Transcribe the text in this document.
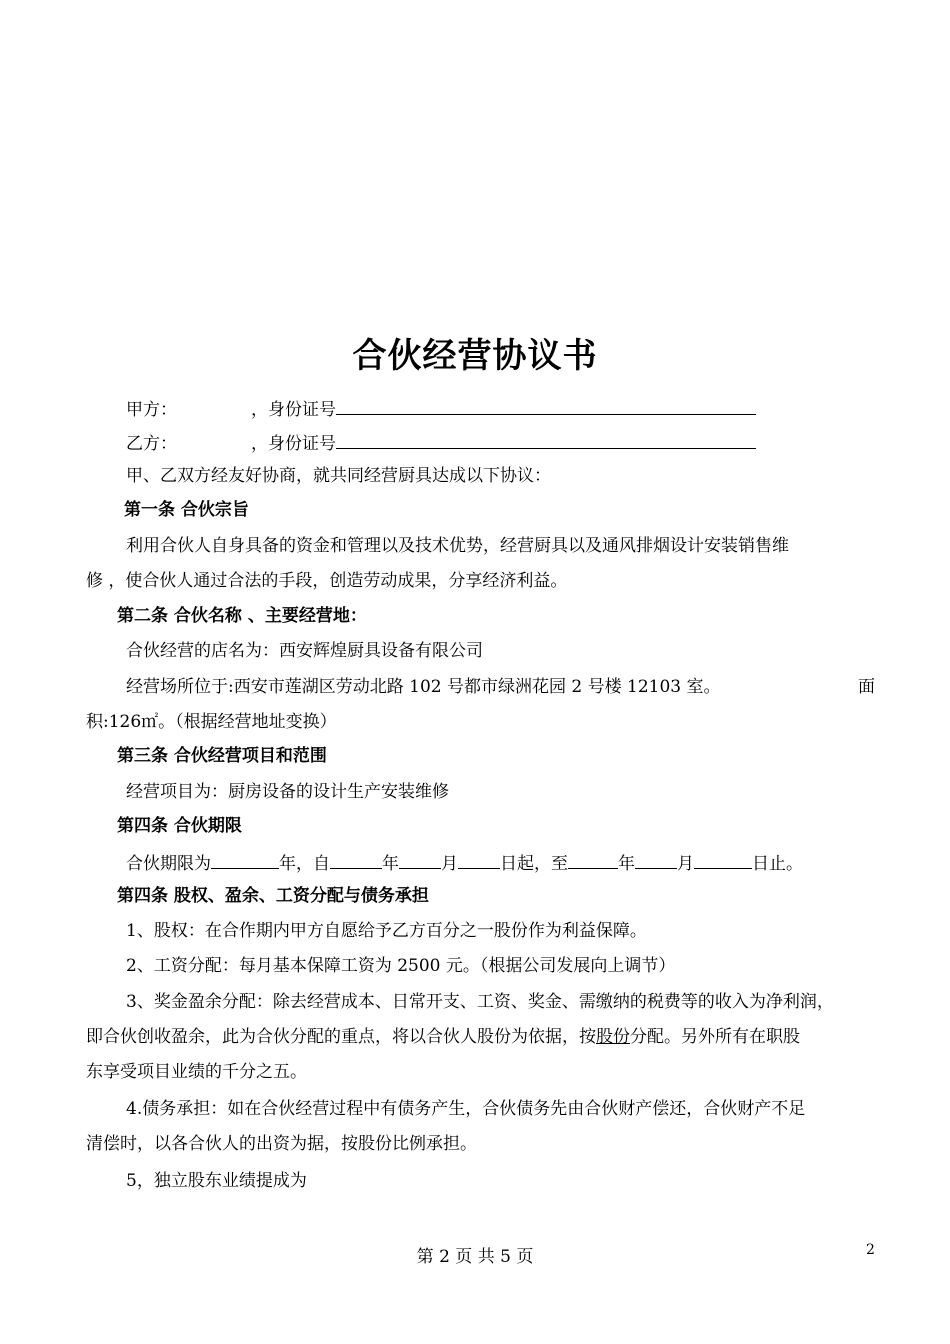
合伙经营协议书
甲方：	，身份证号
乙方：	，身份证号
甲、乙双方经友好协商，就共同经营厨具达成以下协议：
第一条 合伙宗旨
利用合伙人自身具备的资金和管理以及技术优势，经营厨具以及通风排烟设计安装销售维
修 ，使合伙人通过合法的手段，创造劳动成果，分享经济利益。
第二条 合伙名称 、主要经营地：
合伙经营的店名为：西安辉煌厨具设备有限公司
经营场所位于:西安市莲湖区劳动北路 102 号都市绿洲花园 2 号楼 12103 室。	面
积:126㎡。（根据经营地址变换）
第三条 合伙经营项目和范围
经营项目为：厨房设备的设计生产安装维修
第四条 合伙期限
合伙期限为	年，自	年 月 日起，至	年 月	日止。
第四条 股权、盈余、工资分配与债务承担
1、股权：在合作期内甲方自愿给予乙方百分之一股份作为利益保障。
2、工资分配：每月基本保障工资为 2500 元。（根据公司发展向上调节）
3、奖金盈余分配：除去经营成本、日常开支、工资、奖金、需缴纳的税费等的收入为净利润，
即合伙创收盈余，此为合伙分配的重点，将以合伙人股份为依据，按股份分配。另外所有在职股
东享受项目业绩的千分之五。
4.债务承担：如在合伙经营过程中有债务产生，合伙债务先由合伙财产偿还，合伙财产不足
清偿时，以各合伙人的出资为据，按股份比例承担。
5，独立股东业绩提成为
第 2 页 共 5 页	2
